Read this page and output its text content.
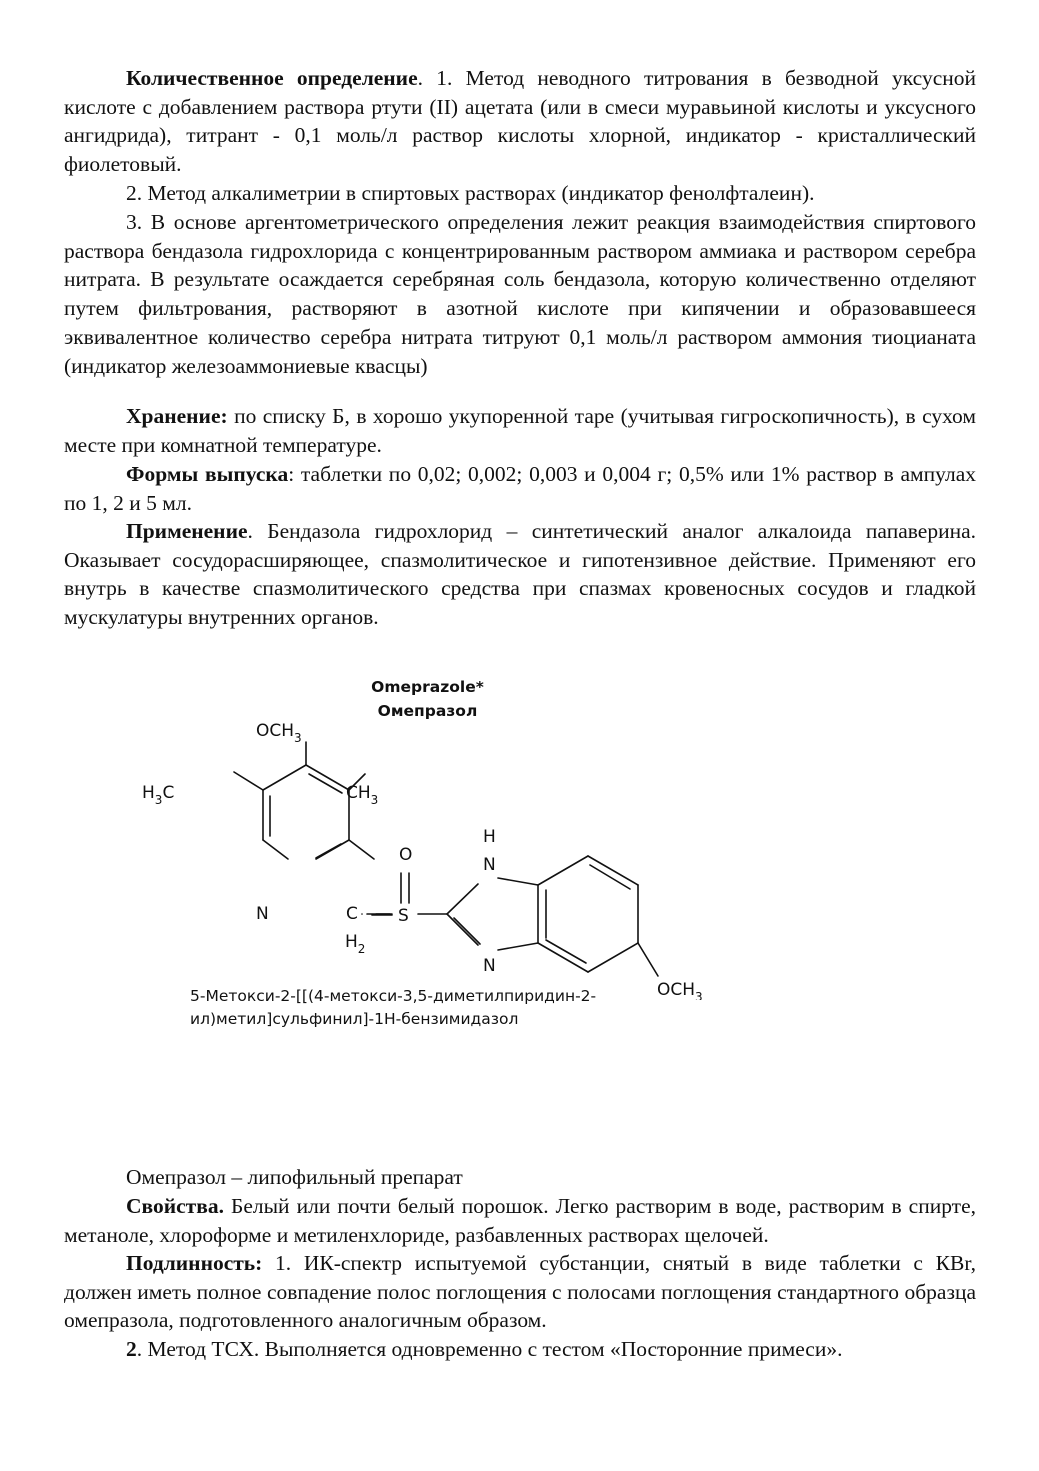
Количественное определение. 1. Метод неводного титрования в безводной уксусной кислоте с добавлением раствора ртути (II) ацетата (или в смеси муравьиной кислоты и уксусного ангидрида), титрант - 0,1 моль/л раствор кислоты хлорной, индикатор - кристаллический фиолетовый.

2. Метод алкалиметрии в спиртовых растворах (индикатор фенолфталеин).

3. В основе аргентометрического определения лежит реакция взаимодействия спиртового раствора бендазола гидрохлорида с концентрированным раствором аммиака и раствором серебра нитрата. В результате осаждается серебряная соль бендазола, которую количественно отделяют путем фильтрования, растворяют в азотной кислоте при кипячении и образовавшееся эквивалентное количество серебра нитрата титруют 0,1 моль/л раствором аммония тиоцианата (индикатор железоаммониевые квасцы)

Хранение: по списку Б, в хорошо укупоренной таре (учитывая гигроскопичность), в сухом месте при комнатной температуре.

Формы выпуска: таблетки по 0,02; 0,002; 0,003 и 0,004 г; 0,5% или 1% раствор в ампулах по 1, 2 и 5 мл.

Применение. Бендазола гидрохлорид – синтетический аналог алкалоида папаверина. Оказывает сосудорасширяющее, спазмолитическое и гипотензивное действие. Применяют его внутрь в качестве спазмолитического средства при спазмах кровеносных сосудов и гладкой мускулатуры внутренних органов.

Omeprazole*
Омепразол
$OCH_3$
$H_3C$	$CH_3$
N	C
$H_2$
S
O
H
N
N
$OCH_3$
5-Метокси-2-[[(4-метокси-3,5-диметилпиридин-2-ил)метил]сульфинил]-1Н-бензимидазол

Омепразол – липофильный препарат

Свойства. Белый или почти белый порошок. Легко растворим в воде, растворим в спирте, метаноле, хлороформе и метиленхлориде, разбавленных растворах щелочей.

Подлинность: 1. ИК-спектр испытуемой субстанции, снятый в виде таблетки с КВr, должен иметь полное совпадение полос поглощения с полосами поглощения стандартного образца омепразола, подготовленного аналогичным образом.

2. Метод ТСХ. Выполняется одновременно с тестом «Посторонние примеси».
